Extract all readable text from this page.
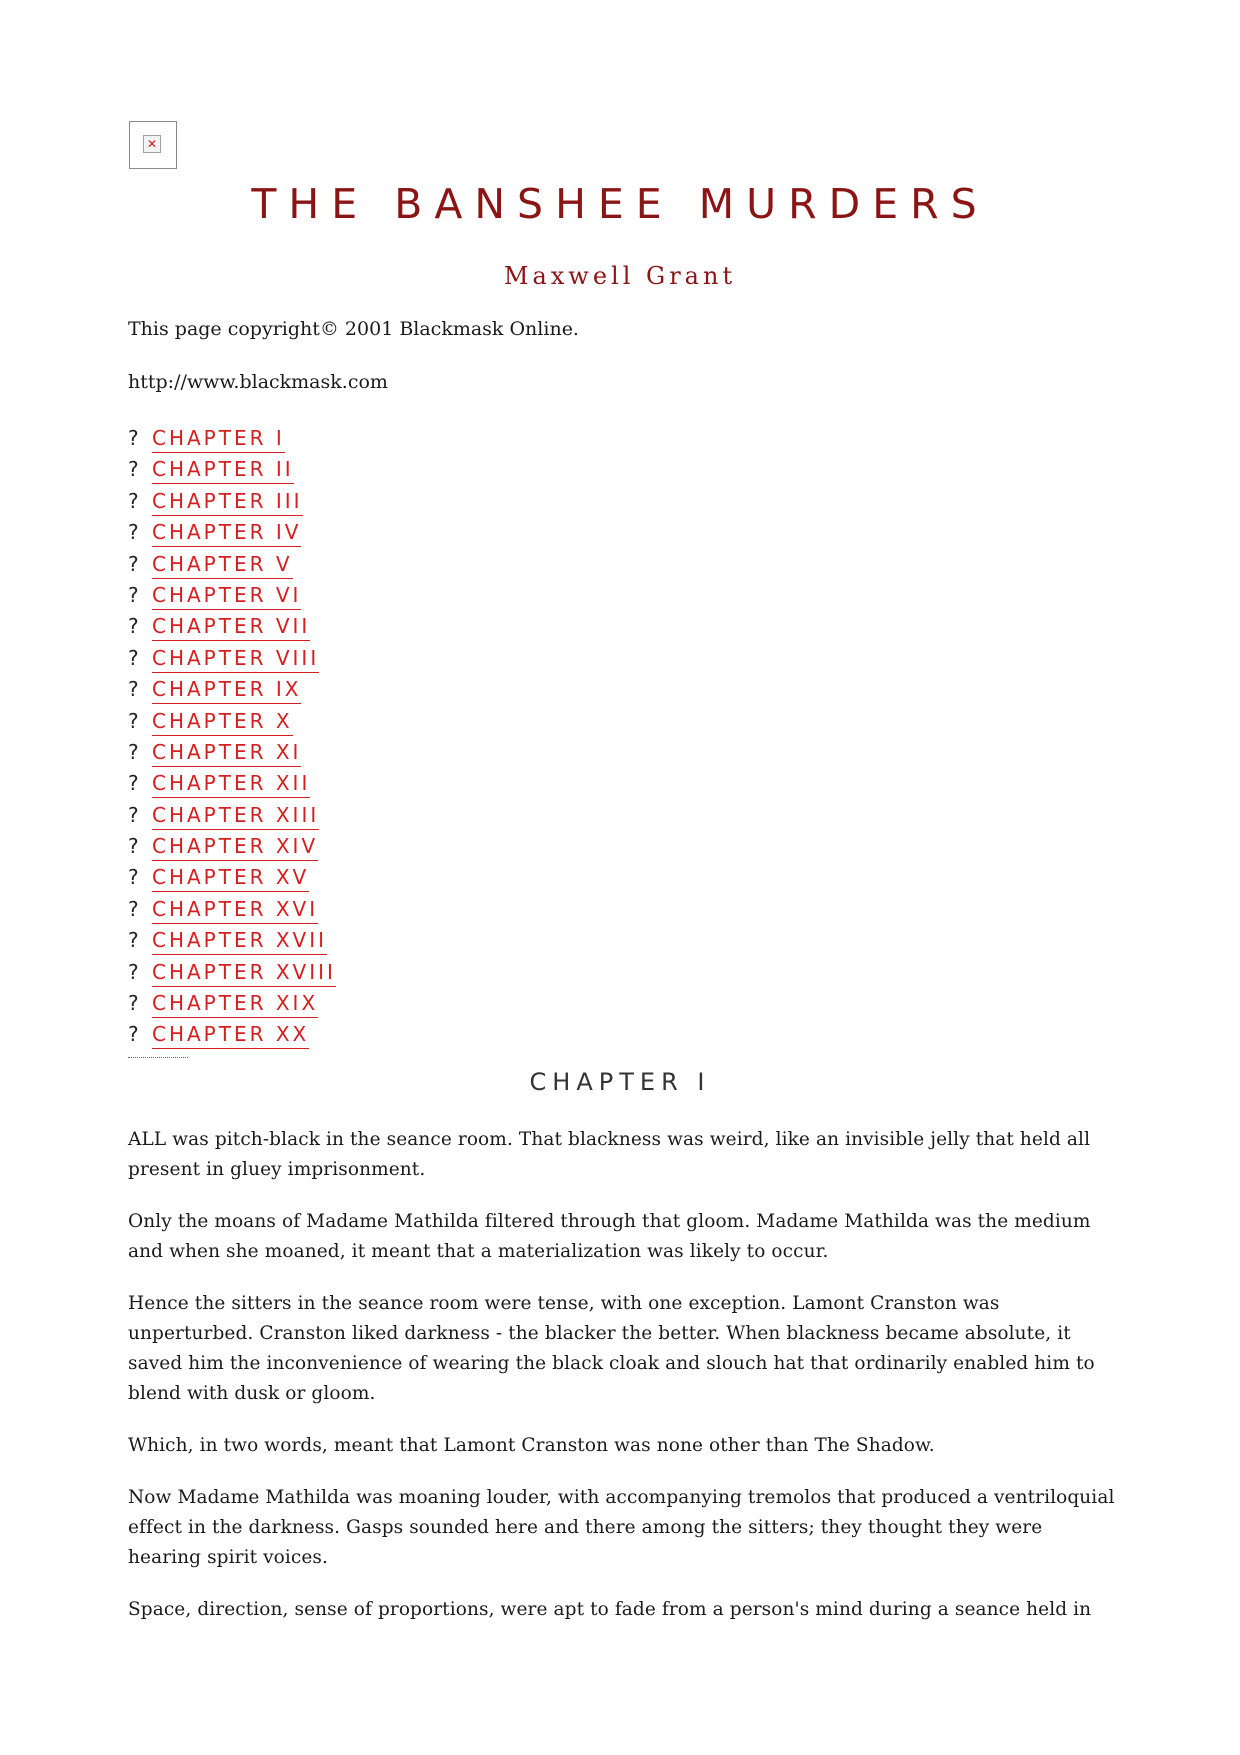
✕
THE BANSHEE MURDERS

Maxwell Grant

This page copyright© 2001 Blackmask Online.

http://www.blackmask.com

? CHAPTER I
? CHAPTER II
? CHAPTER III
? CHAPTER IV
? CHAPTER V
? CHAPTER VI
? CHAPTER VII
? CHAPTER VIII
? CHAPTER IX
? CHAPTER X
? CHAPTER XI
? CHAPTER XII
? CHAPTER XIII
? CHAPTER XIV
? CHAPTER XV
? CHAPTER XVI
? CHAPTER XVII
? CHAPTER XVIII
? CHAPTER XIX
? CHAPTER XX
CHAPTER I

ALL was pitch-black in the seance room. That blackness was weird, like an invisible jelly that held all present in gluey imprisonment.

Only the moans of Madame Mathilda filtered through that gloom. Madame Mathilda was the medium and when she moaned, it meant that a materialization was likely to occur.

Hence the sitters in the seance room were tense, with one exception. Lamont Cranston was unperturbed. Cranston liked darkness - the blacker the better. When blackness became absolute, it saved him the inconvenience of wearing the black cloak and slouch hat that ordinarily enabled him to blend with dusk or gloom.

Which, in two words, meant that Lamont Cranston was none other than The Shadow.

Now Madame Mathilda was moaning louder, with accompanying tremolos that produced a ventriloquial effect in the darkness. Gasps sounded here and there among the sitters; they thought they were hearing spirit voices.

Space, direction, sense of proportions, were apt to fade from a person's mind during a seance held in
